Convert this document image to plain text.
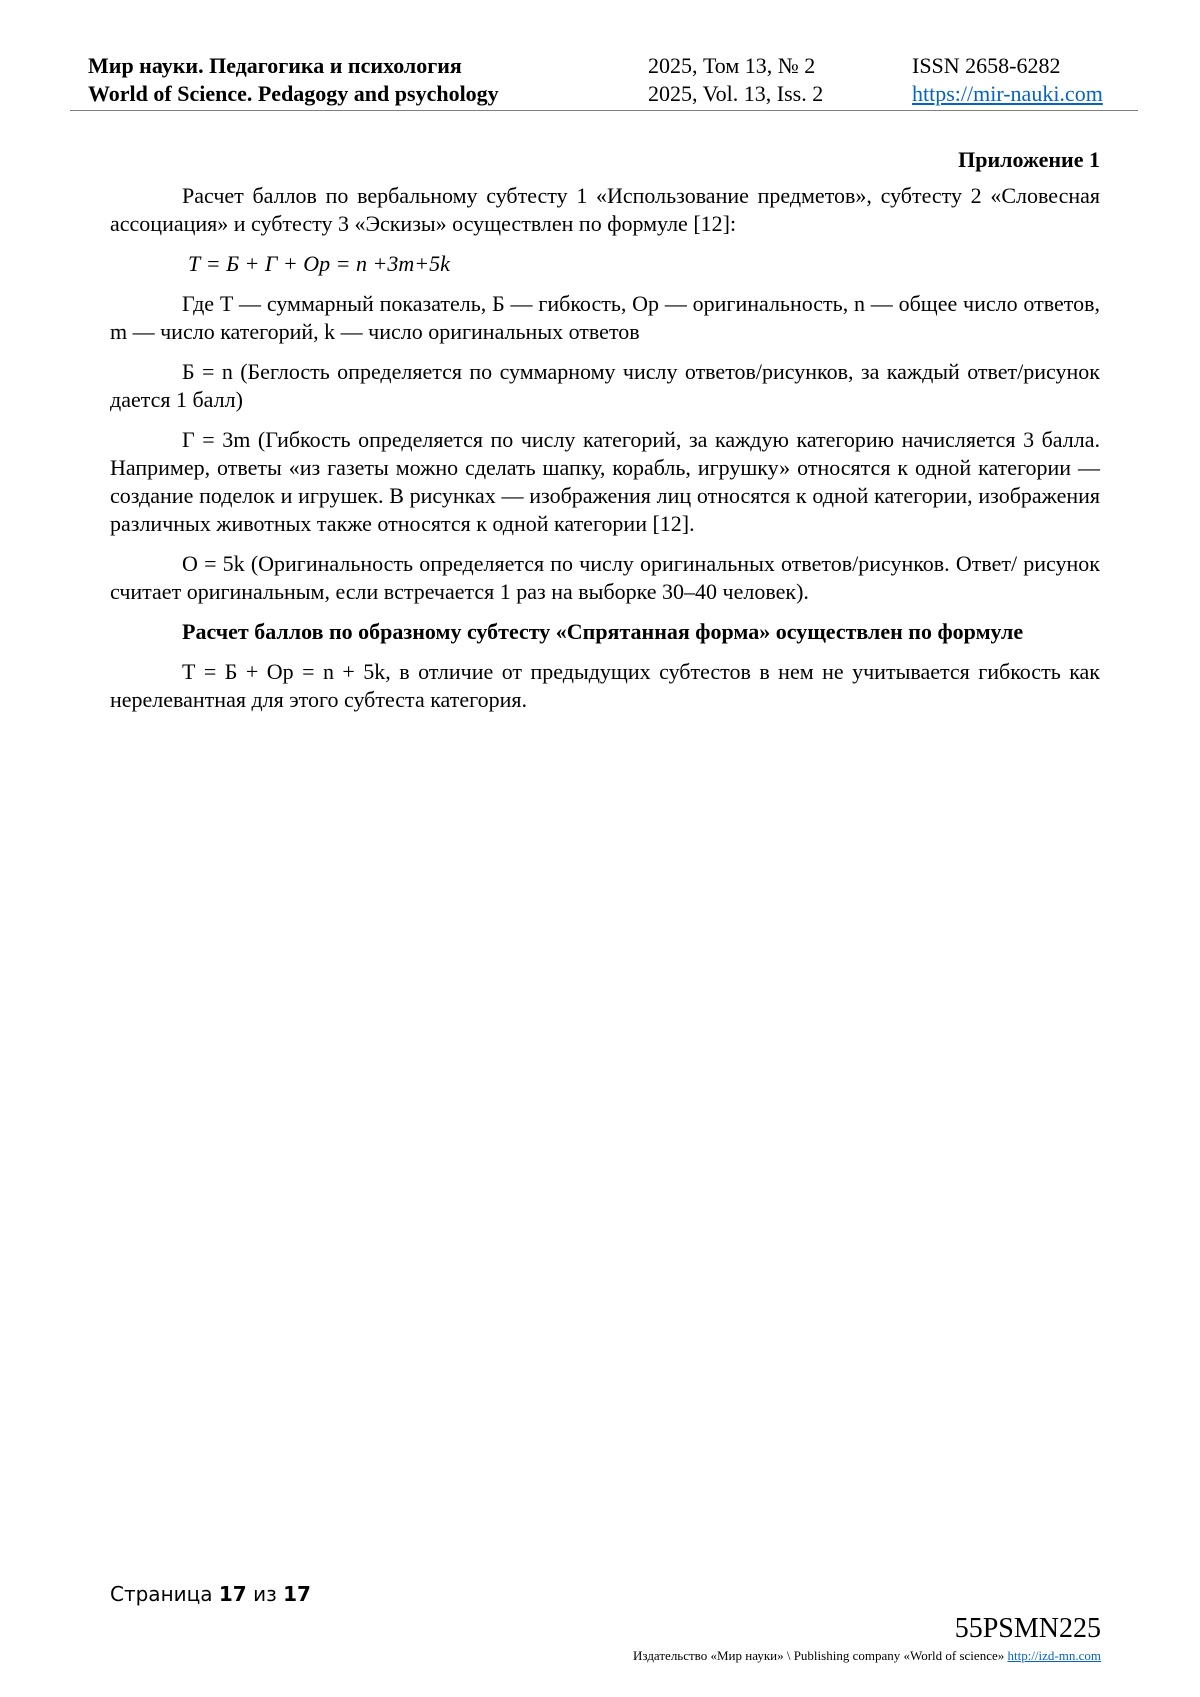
Мир науки. Педагогика и психология
World of Science. Pedagogy and psychology
2025, Том 13, № 2
2025, Vol. 13, Iss. 2
ISSN 2658-6282
https://mir-nauki.com
Приложение 1

Расчет баллов по вербальному субтесту 1 «Использование предметов», субтесту 2 «Словесная ассоциация» и субтесту 3 «Эскизы» осуществлен по формуле [12]:

Т = Б + Г + Ор = n +3m+5k

Где Т — суммарный показатель, Б — гибкость, Ор — оригинальность, n — общее число ответов, m — число категорий, k — число оригинальных ответов

Б = n (Беглость определяется по суммарному числу ответов/рисунков, за каждый ответ/рисунок дается 1 балл)

Г = 3m (Гибкость определяется по числу категорий, за каждую категорию начисляется 3 балла. Например, ответы «из газеты можно сделать шапку, корабль, игрушку» относятся к одной категории — создание поделок и игрушек. В рисунках — изображения лиц относятся к одной категории, изображения различных животных также относятся к одной категории [12].

О = 5k (Оригинальность определяется по числу оригинальных ответов/рисунков. Ответ/ рисунок считает оригинальным, если встречается 1 раз на выборке 30–40 человек).

Расчет баллов по образному субтесту «Спрятанная форма» осуществлен по формуле

Т = Б + Ор = n + 5k, в отличие от предыдущих субтестов в нем не учитывается гибкость как нерелевантная для этого субтеста категория.

Страница 17 из 17
55PSMN225
Издательство «Мир науки» \ Publishing company «World of science» http://izd-mn.com
